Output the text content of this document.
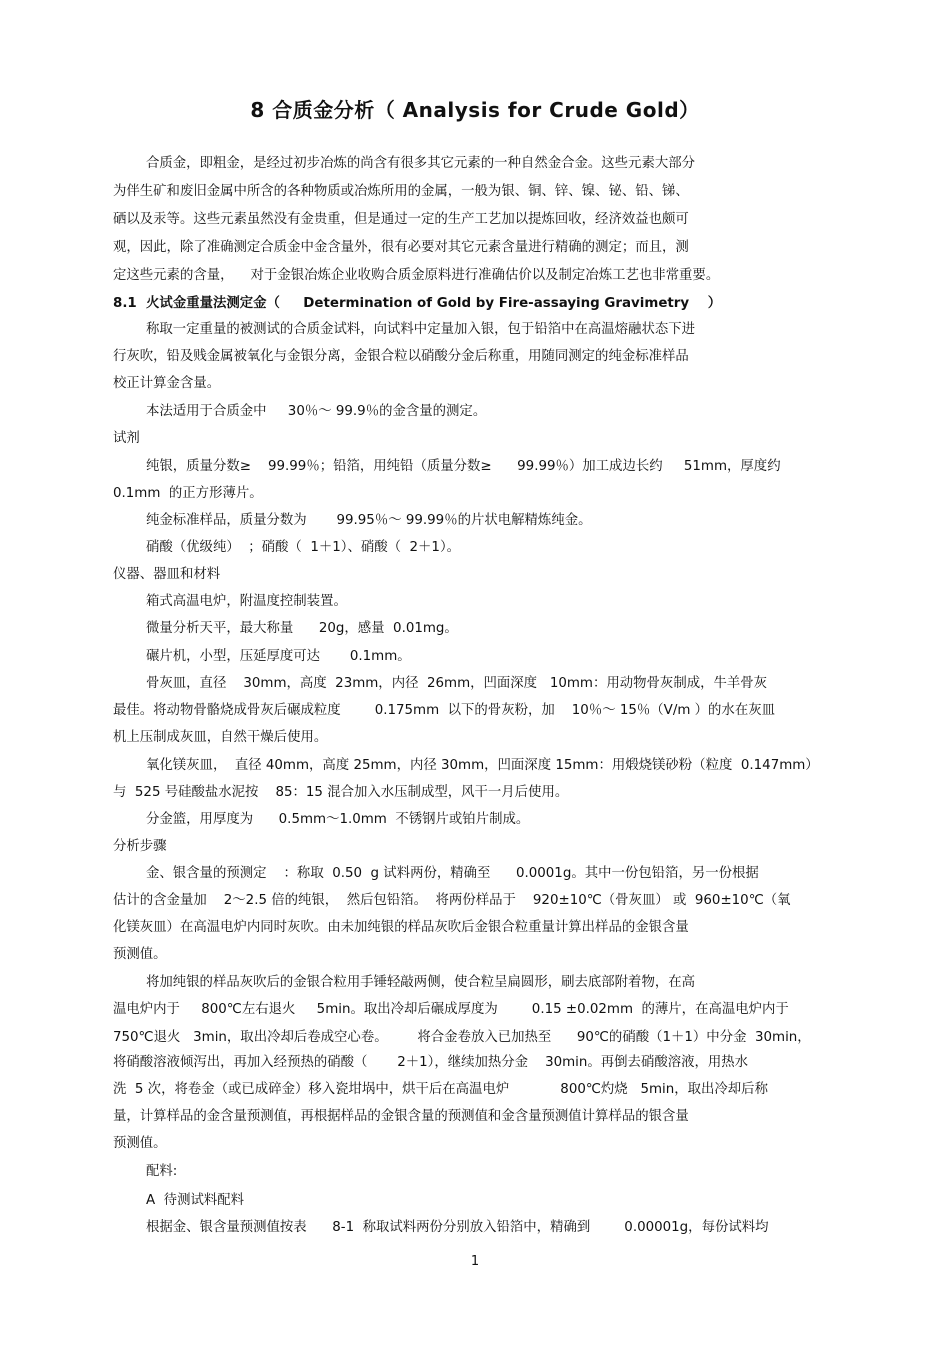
8 合质金分析（ Analysis for Crude Gold）
合质金，即粗金，是经过初步冶炼的尚含有很多其它元素的一种自然金合金。这些元素大部分
为伴生矿和废旧金属中所含的各种物质或冶炼所用的金属，一般为银、铜、锌、镍、铋、铅、锑、
硒以及汞等。这些元素虽然没有金贵重，但是通过一定的生产工艺加以提炼回收，经济效益也颇可
观，因此，除了准确测定合质金中金含量外，很有必要对其它元素含量进行精确的测定；而且，测
定这些元素的含量，    对于金银冶炼企业收购合质金原料进行准确估价以及制定冶炼工艺也非常重要。
8.1  火试金重量法测定金（     Determination of Gold by Fire-assaying Gravimetry    ）
称取一定重量的被测试的合质金试料，向试料中定量加入银，包于铅箔中在高温熔融状态下进
行灰吹，铅及贱金属被氧化与金银分离，金银合粒以硝酸分金后称重，用随同测定的纯金标准样品
校正计算金含量。
本法适用于合质金中     30％～ 99.9％的金含量的测定。
试剂
纯银，质量分数≥    99.99％；铅箔，用纯铅（质量分数≥      99.99％）加工成边长约     51mm，厚度约
0.1mm  的正方形薄片。
纯金标准样品，质量分数为       99.95％～ 99.99％的片状电解精炼纯金。
硝酸（优级纯）  ；硝酸（  1＋1）、硝酸（  2＋1）。
仪器、器皿和材料
箱式高温电炉，附温度控制装置。
微量分析天平，最大称量      20g，感量  0.01mg。
碾片机，小型，压延厚度可达       0.1mm。
骨灰皿，直径    30mm，高度  23mm，内径  26mm，凹面深度   10mm：用动物骨灰制成，牛羊骨灰
最佳。将动物骨骼烧成骨灰后碾成粒度        0.175mm  以下的骨灰粉，加    10％～ 15％（V/m ）的水在灰皿
机上压制成灰皿，自然干燥后使用。
氧化镁灰皿，  直径 40mm，高度 25mm，内径 30mm，凹面深度 15mm：用煅烧镁砂粉（粒度  0.147mm）
与  525 号硅酸盐水泥按    85：15 混合加入水压制成型，风干一月后使用。
分金篮，用厚度为      0.5mm～1.0mm  不锈钢片或铂片制成。
分析步骤
金、银含量的预测定    ：称取  0.50  g 试料两份，精确至      0.0001g。其中一份包铅箔，另一份根据
估计的含金量加    2～2.5 倍的纯银，  然后包铅箔。  将两份样品于    920±10℃（骨灰皿） 或  960±10℃（氧
化镁灰皿）在高温电炉内同时灰吹。由未加纯银的样品灰吹后金银合粒重量计算出样品的金银含量
预测值。
将加纯银的样品灰吹后的金银合粒用手锤轻敲两侧，使合粒呈扁圆形，刷去底部附着物，在高
温电炉内于     800℃左右退火     5min。取出冷却后碾成厚度为        0.15 ±0.02mm  的薄片，在高温电炉内于
750℃退火   3min，取出冷却后卷成空心卷。       将合金卷放入已加热至      90℃的硝酸（1＋1）中分金  30min，
将硝酸溶液倾泻出，再加入经预热的硝酸（       2＋1），继续加热分金    30min。再倒去硝酸溶液，用热水
洗  5 次，将卷金（或已成碎金）移入瓷坩埚中，烘干后在高温电炉            800℃灼烧   5min，取出冷却后称
量，计算样品的金含量预测值，再根据样品的金银含量的预测值和金含量预测值计算样品的银含量
预测值。
配料:
A  待测试料配料
根据金、银含量预测值按表      8-1  称取试料两份分别放入铅箔中，精确到        0.00001g，每份试料均
1
